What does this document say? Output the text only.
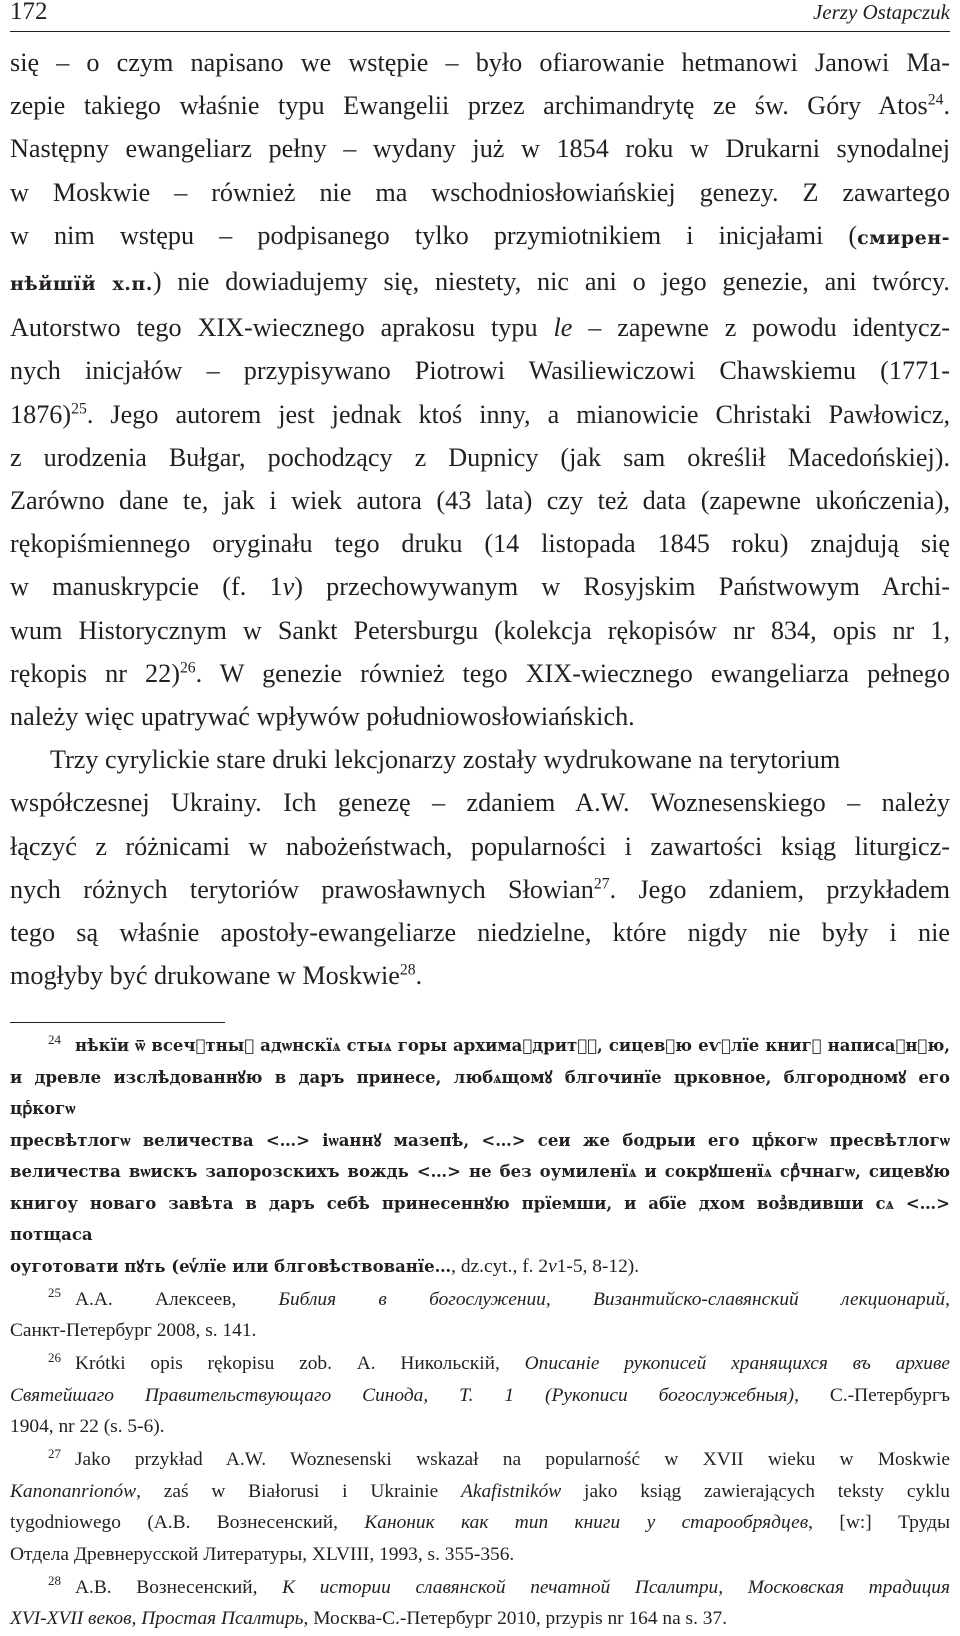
172	Jerzy Ostapczuk

się – o czym napisano we wstępie – było ofiarowanie hetmanowi Janowi Ma-
zepie takiego właśnie typu Ewangelii przez archimandrytę ze św. Góry Atos$^{24}$.
Następny ewangeliarz pełny – wydany już w 1854 roku w Drukarni synodalnej
w Moskwie – również nie ma wschodniosłowiańskiej genezy. Z zawartego
w nim wstępu – podpisanego tylko przymiotnikiem i inicjałami (смирен-
нѣйшїй х.п.) nie dowiadujemy się, niestety, nic ani o jego genezie, ani twórcy.
Autorstwo tego XIX-wiecznego aprakosu typu le – zapewne z powodu identycz-
nych inicjałów – przypisywano Piotrowi Wasiliewiczowi Chawskiemu (1771-
1876)$^{25}$. Jego autorem jest jednak ktoś inny, a mianowicie Christaki Pawłowicz,
z urodzenia Bułgar, pochodzący z Dupnicy (jak sam określił Macedońskiej).
Zarówno dane te, jak i wiek autora (43 lata) czy też data (zapewne ukończenia),
rękopiśmiennego oryginału tego druku (14 listopada 1845 roku) znajdują się
w manuskrypcie (f. 1v) przechowywanym w Rosyjskim Państwowym Archi-
wum Historycznym w Sankt Petersburgu (kolekcja rękopisów nr 834, opis nr 1,
rękopis nr 22)$^{26}$. W genezie również tego XIX-wiecznego ewangeliarza pełnego
należy więc upatrywać wpływów południowosłowiańskich.

Trzy cyrylickie stare druki lekcjonarzy zostały wydrukowane na terytorium
współczesnej Ukrainy. Ich genezę – zdaniem A.W. Woznesenskiego – należy
łączyć z różnicami w nabożeństwach, popularności i zawartości ksiąg liturgicz-
nych różnych terytoriów prawosławnych Słowian$^{27}$. Jego zdaniem, przykładem
tego są właśnie apostoły-ewangeliarze niedzielne, które nigdy nie były i nie
mogłyby być drukowane w Moskwie$^{28}$.

$^{24}$ нѣкїи ѿ всечⷭтныⷯ адѡнскїѧ стыѧ горы архимаⷩдритѡⷡ, сицевꙋю еѵⷢлїе книгꙋ написаⷩнꙋю,
и древле изслѣдованнꙋю в даръ принесе, любѧщомꙋ блгочинїе црковное, блгородномꙋ его црⷭкогѡ
пресвѣтлогѡ величества <…> іѡаннꙋ мазепѣ, <…> сеи же бодрыи его црⷭкогѡ пресвѣтлогѡ
величества вѡискъ запорозскихъ вождь <…> не без оумиленїѧ и сокрꙋшенїѧ срⷣчнагѡ, сицевꙋю
книгоу новаго завѣта в даръ себѣ принесеннꙋю прїемши, и абїе дхом возⷥвдивши сѧ <…> потщаса
оуготовати пꙋть (еѵⷢлїе или блговѣствованїе…, dz.cyt., f. 2v1-5, 8-12).
$^{25}$ А.А. Алексеев, Библия в богослужении, Византийско-славянский лекционарий,
Санкт-Петербург 2008, s. 141.
$^{26}$ Krótki opis rękopisu zob. А. Никольскій, Описаніе рукописей хранящихся въ архиве
Святейшаго Правительствующаго Синода, Т. 1 (Рукописи богослужебныя), С.-Петербургъ
1904, nr 22 (s. 5-6).
$^{27}$ Jako przykład A.W. Woznesenski wskazał na popularność w XVII wieku w Moskwie
Kanonanrionów, zaś w Białorusi i Ukrainie Akafistników jako ksiąg zawierających teksty cyklu
tygodniowego (А.В. Вознесенский, Каноник как тип книги у старообрядцев, [w:] Труды
Отдела Древнерусской Литературы, XLVIII, 1993, s. 355-356.
$^{28}$ А.В. Вознесенский, К истории славянской печатной Псалитри, Московская традиция
XVI-XVII веков, Простая Псалтирь, Москва-С.-Петербург 2010, przypis nr 164 na s. 37.
